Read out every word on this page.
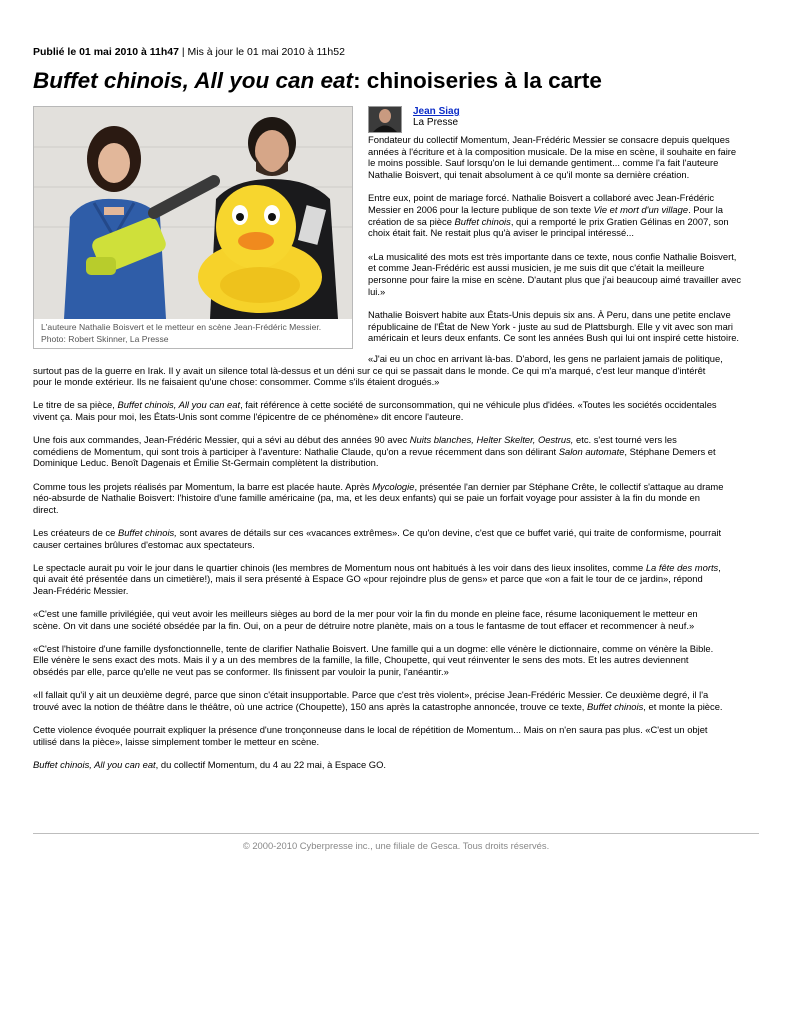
Publié le 01 mai 2010 à 11h47 | Mis à jour le 01 mai 2010 à 11h52

Buffet chinois, All you can eat: chinoiseries à la carte
L'auteure Nathalie Boisvert et le metteur en scène Jean-Frédéric Messier.
Photo: Robert Skinner, La Presse
Jean Siag
La Presse

Fondateur du collectif Momentum, Jean-Frédéric Messier se consacre depuis quelques
années à l'écriture et à la composition musicale. De la mise en scène, il souhaite en faire
le moins possible. Sauf lorsqu'on le lui demande gentiment... comme l'a fait l'auteure
Nathalie Boisvert, qui tenait absolument à ce qu'il monte sa dernière création.

Entre eux, point de mariage forcé. Nathalie Boisvert a collaboré avec Jean-Frédéric
Messier en 2006 pour la lecture publique de son texte Vie et mort d'un village. Pour la
création de sa pièce Buffet chinois, qui a remporté le prix Gratien Gélinas en 2007, son
choix était fait. Ne restait plus qu'à aviser le principal intéressé...

«La musicalité des mots est très importante dans ce texte, nous confie Nathalie Boisvert,
et comme Jean-Frédéric est aussi musicien, je me suis dit que c'était la meilleure
personne pour faire la mise en scène. D'autant plus que j'ai beaucoup aimé travailler avec
lui.»

Nathalie Boisvert habite aux États-Unis depuis six ans. À Peru, dans une petite enclave
républicaine de l'État de New York - juste au sud de Plattsburgh. Elle y vit avec son mari
américain et leurs deux enfants. Ce sont les années Bush qui lui ont inspiré cette histoire.

«J'ai eu un choc en arrivant là-bas. D'abord, les gens ne parlaient jamais de politique,

surtout pas de la guerre en Irak. Il y avait un silence total là-dessus et un déni sur ce qui se passait dans le monde. Ce qui m'a marqué, c'est leur manque d'intérêt
pour le monde extérieur. Ils ne faisaient qu'une chose: consommer. Comme s'ils étaient drogués.»

Le titre de sa pièce, Buffet chinois, All you can eat, fait référence à cette société de surconsommation, qui ne véhicule plus d'idées. «Toutes les sociétés occidentales
vivent ça. Mais pour moi, les États-Unis sont comme l'épicentre de ce phénomène» dit encore l'auteure.

Une fois aux commandes, Jean-Frédéric Messier, qui a sévi au début des années 90 avec Nuits blanches, Helter Skelter, Oestrus, etc. s'est tourné vers les
comédiens de Momentum, qui sont trois à participer à l'aventure: Nathalie Claude, qu'on a revue récemment dans son délirant Salon automate, Stéphane Demers et
Dominique Leduc. Benoît Dagenais et Émilie St-Germain complètent la distribution.

Comme tous les projets réalisés par Momentum, la barre est placée haute. Après Mycologie, présentée l'an dernier par Stéphane Crête, le collectif s'attaque au drame
néo-absurde de Nathalie Boisvert: l'histoire d'une famille américaine (pa, ma, et les deux enfants) qui se paie un forfait voyage pour assister à la fin du monde en
direct.

Les créateurs de ce Buffet chinois, sont avares de détails sur ces «vacances extrêmes». Ce qu'on devine, c'est que ce buffet varié, qui traite de conformisme, pourrait
causer certaines brûlures d'estomac aux spectateurs.

Le spectacle aurait pu voir le jour dans le quartier chinois (les membres de Momentum nous ont habitués à les voir dans des lieux insolites, comme La fête des morts,
qui avait été présentée dans un cimetière!), mais il sera présenté à Espace GO «pour rejoindre plus de gens» et parce que «on a fait le tour de ce jardin», répond
Jean-Frédéric Messier.

«C'est une famille privilégiée, qui veut avoir les meilleurs sièges au bord de la mer pour voir la fin du monde en pleine face, résume laconiquement le metteur en
scène. On vit dans une société obsédée par la fin. Oui, on a peur de détruire notre planète, mais on a tous le fantasme de tout effacer et recommencer à neuf.»

«C'est l'histoire d'une famille dysfonctionnelle, tente de clarifier Nathalie Boisvert. Une famille qui a un dogme: elle vénère le dictionnaire, comme on vénère la Bible.
Elle vénère le sens exact des mots. Mais il y a un des membres de la famille, la fille, Choupette, qui veut réinventer le sens des mots. Et les autres deviennent
obsédés par elle, parce qu'elle ne veut pas se conformer. Ils finissent par vouloir la punir, l'anéantir.»

«Il fallait qu'il y ait un deuxième degré, parce que sinon c'était insupportable. Parce que c'est très violent», précise Jean-Frédéric Messier. Ce deuxième degré, il l'a
trouvé avec la notion de théâtre dans le théâtre, où une actrice (Choupette), 150 ans après la catastrophe annoncée, trouve ce texte, Buffet chinois, et monte la pièce.

Cette violence évoquée pourrait expliquer la présence d'une tronçonneuse dans le local de répétition de Momentum... Mais on n'en saura pas plus. «C'est un objet
utilisé dans la pièce», laisse simplement tomber le metteur en scène.

Buffet chinois, All you can eat, du collectif Momentum, du 4 au 22 mai, à Espace GO.

© 2000-2010 Cyberpresse inc., une filiale de Gesca. Tous droits réservés.
